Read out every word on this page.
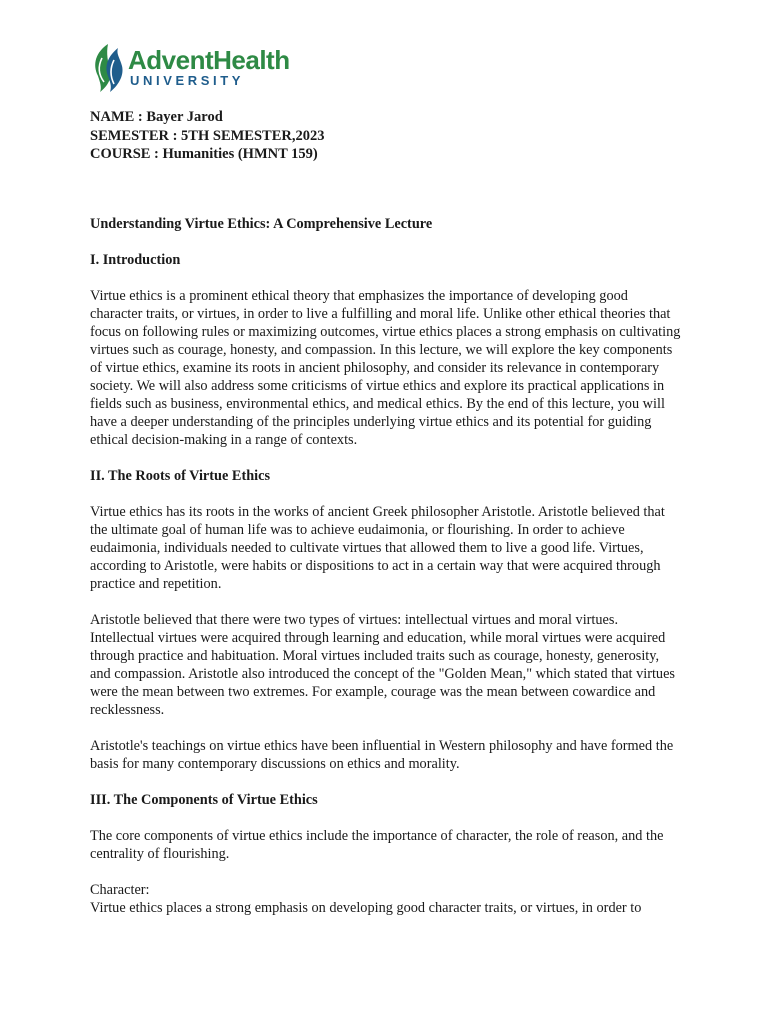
AdventHealth
UNIVERSITY
NAME : Bayer Jarod
SEMESTER : 5TH SEMESTER,2023
COURSE : Humanities (HMNT 159)

Understanding Virtue Ethics: A Comprehensive Lecture

I. Introduction

Virtue ethics is a prominent ethical theory that emphasizes the importance of developing good character traits, or virtues, in order to live a fulfilling and moral life. Unlike other ethical theories that focus on following rules or maximizing outcomes, virtue ethics places a strong emphasis on cultivating virtues such as courage, honesty, and compassion. In this lecture, we will explore the key components of virtue ethics, examine its roots in ancient philosophy, and consider its relevance in contemporary society. We will also address some criticisms of virtue ethics and explore its practical applications in fields such as business, environmental ethics, and medical ethics. By the end of this lecture, you will have a deeper understanding of the principles underlying virtue ethics and its potential for guiding ethical decision-making in a range of contexts.

II. The Roots of Virtue Ethics

Virtue ethics has its roots in the works of ancient Greek philosopher Aristotle. Aristotle believed that the ultimate goal of human life was to achieve eudaimonia, or flourishing. In order to achieve eudaimonia, individuals needed to cultivate virtues that allowed them to live a good life. Virtues, according to Aristotle, were habits or dispositions to act in a certain way that were acquired through practice and repetition.

Aristotle believed that there were two types of virtues: intellectual virtues and moral virtues. Intellectual virtues were acquired through learning and education, while moral virtues were acquired through practice and habituation. Moral virtues included traits such as courage, honesty, generosity, and compassion. Aristotle also introduced the concept of the "Golden Mean," which stated that virtues were the mean between two extremes. For example, courage was the mean between cowardice and recklessness.

Aristotle's teachings on virtue ethics have been influential in Western philosophy and have formed the basis for many contemporary discussions on ethics and morality.

III. The Components of Virtue Ethics

The core components of virtue ethics include the importance of character, the role of reason, and the centrality of flourishing.

Character:

Virtue ethics places a strong emphasis on developing good character traits, or virtues, in order to
